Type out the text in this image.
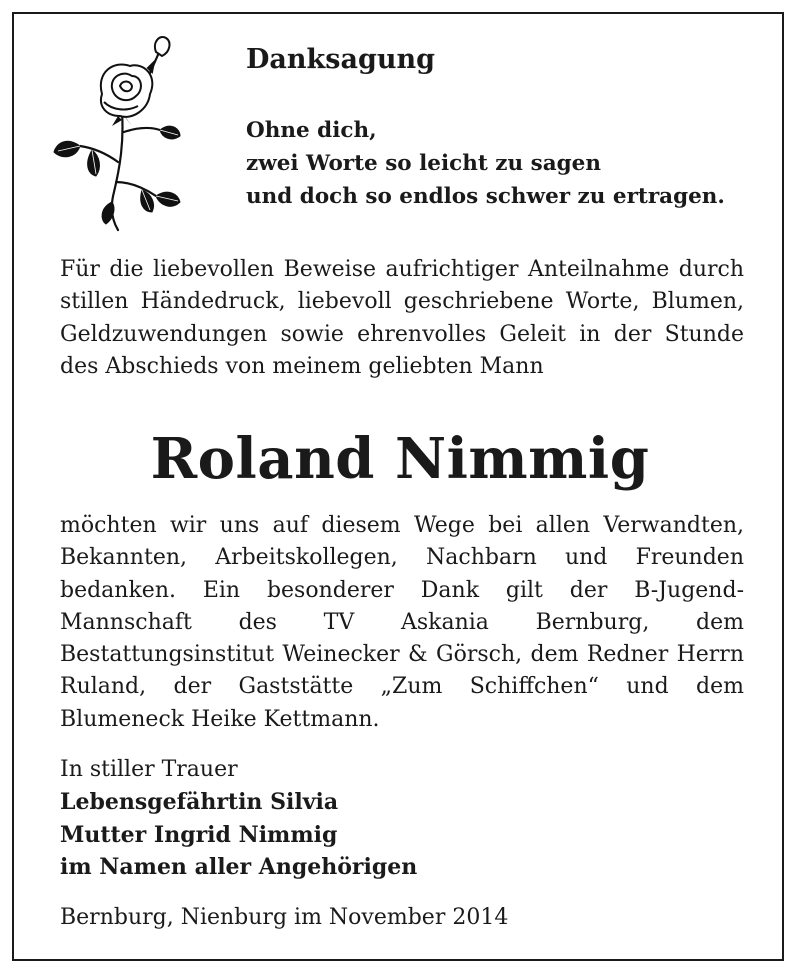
Danksagung
Ohne dich,
zwei Worte so leicht zu sagen
und doch so endlos schwer zu ertragen.

Für die liebevollen Beweise aufrichtiger Anteilnahme durch stillen Händedruck, liebevoll geschriebene Worte, Blumen, Geldzuwendungen sowie ehrenvolles Geleit in der Stunde des Abschieds von meinem geliebten Mann

Roland Nimmig

möchten wir uns auf diesem Wege bei allen Verwandten, Bekannten, Arbeitskollegen, Nachbarn und Freunden bedanken. Ein besonderer Dank gilt der B-Jugend-Mannschaft des TV Askania Bernburg, dem Bestattungsinstitut Weinecker & Görsch, dem Redner Herrn Ruland, der Gaststätte „Zum Schiffchen“ und dem Blumeneck Heike Kettmann.

In stiller Trauer
Lebensgefährtin Silvia
Mutter Ingrid Nimmig
im Namen aller Angehörigen
Bernburg, Nienburg im November 2014
